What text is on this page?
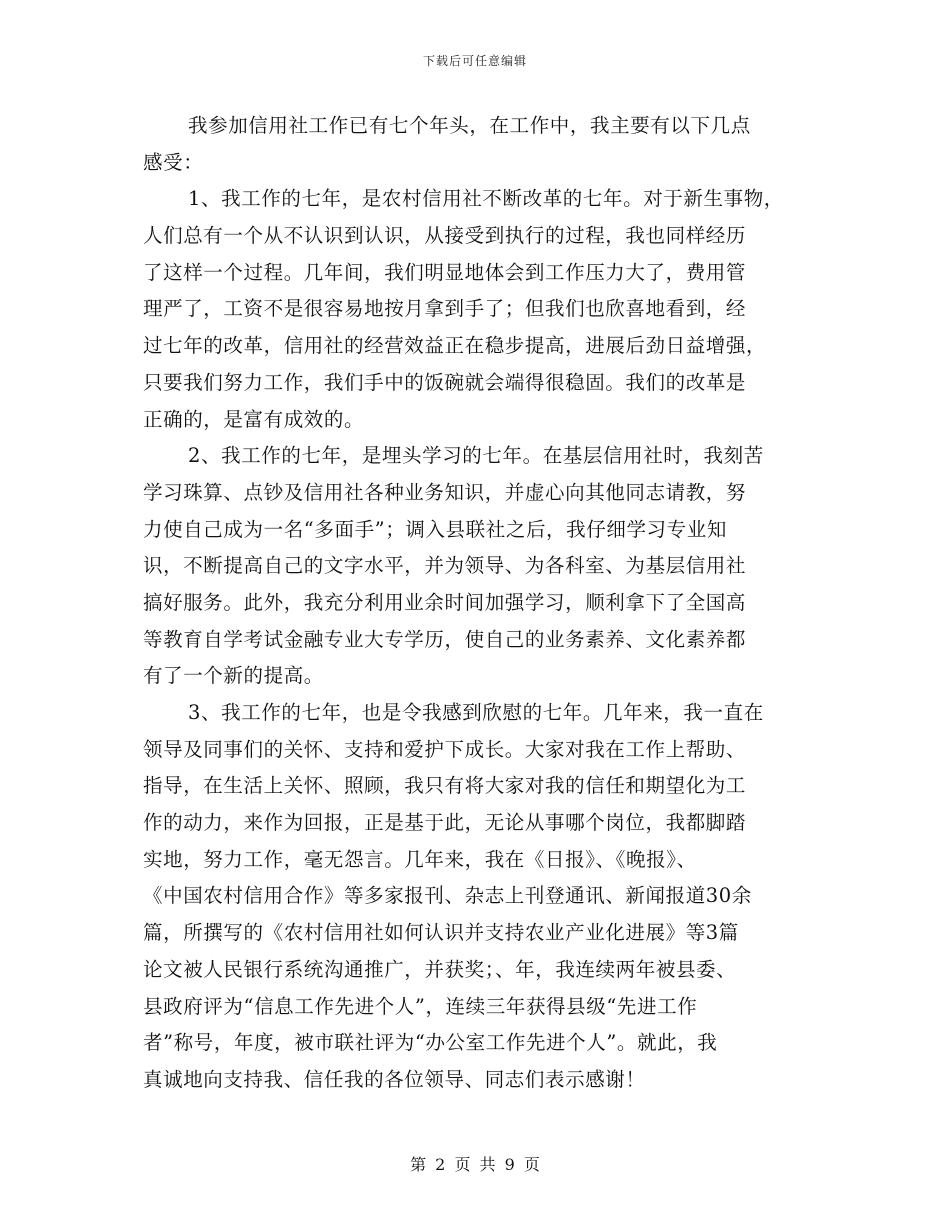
下载后可任意编辑
我参加信用社工作已有七个年头，在工作中，我主要有以下几点
感受：
1、我工作的七年，是农村信用社不断改革的七年。对于新生事物，
人们总有一个从不认识到认识，从接受到执行的过程，我也同样经历
了这样一个过程。几年间，我们明显地体会到工作压力大了，费用管
理严了，工资不是很容易地按月拿到手了；但我们也欣喜地看到，经
过七年的改革，信用社的经营效益正在稳步提高，进展后劲日益增强，
只要我们努力工作，我们手中的饭碗就会端得很稳固。我们的改革是
正确的，是富有成效的。
2、我工作的七年，是埋头学习的七年。在基层信用社时，我刻苦
学习珠算、点钞及信用社各种业务知识，并虚心向其他同志请教，努
力使自己成为一名“多面手”；调入县联社之后，我仔细学习专业知
识，不断提高自己的文字水平，并为领导、为各科室、为基层信用社
搞好服务。此外，我充分利用业余时间加强学习，顺利拿下了全国高
等教育自学考试金融专业大专学历，使自己的业务素养、文化素养都
有了一个新的提高。
3、我工作的七年，也是令我感到欣慰的七年。几年来，我一直在
领导及同事们的关怀、支持和爱护下成长。大家对我在工作上帮助、
指导，在生活上关怀、照顾，我只有将大家对我的信任和期望化为工
作的动力，来作为回报，正是基于此，无论从事哪个岗位，我都脚踏
实地，努力工作，毫无怨言。几年来，我在《日报》、《晚报》、
《中国农村信用合作》等多家报刊、杂志上刊登通讯、新闻报道30余
篇，所撰写的《农村信用社如何认识并支持农业产业化进展》等3篇
论文被人民银行系统沟通推广，并获奖；、年，我连续两年被县委、
县政府评为“信息工作先进个人”，连续三年获得县级“先进工作
者”称号，年度，被市联社评为“办公室工作先进个人”。就此，我
真诚地向支持我、信任我的各位领导、同志们表示感谢！
第 2 页 共 9 页
